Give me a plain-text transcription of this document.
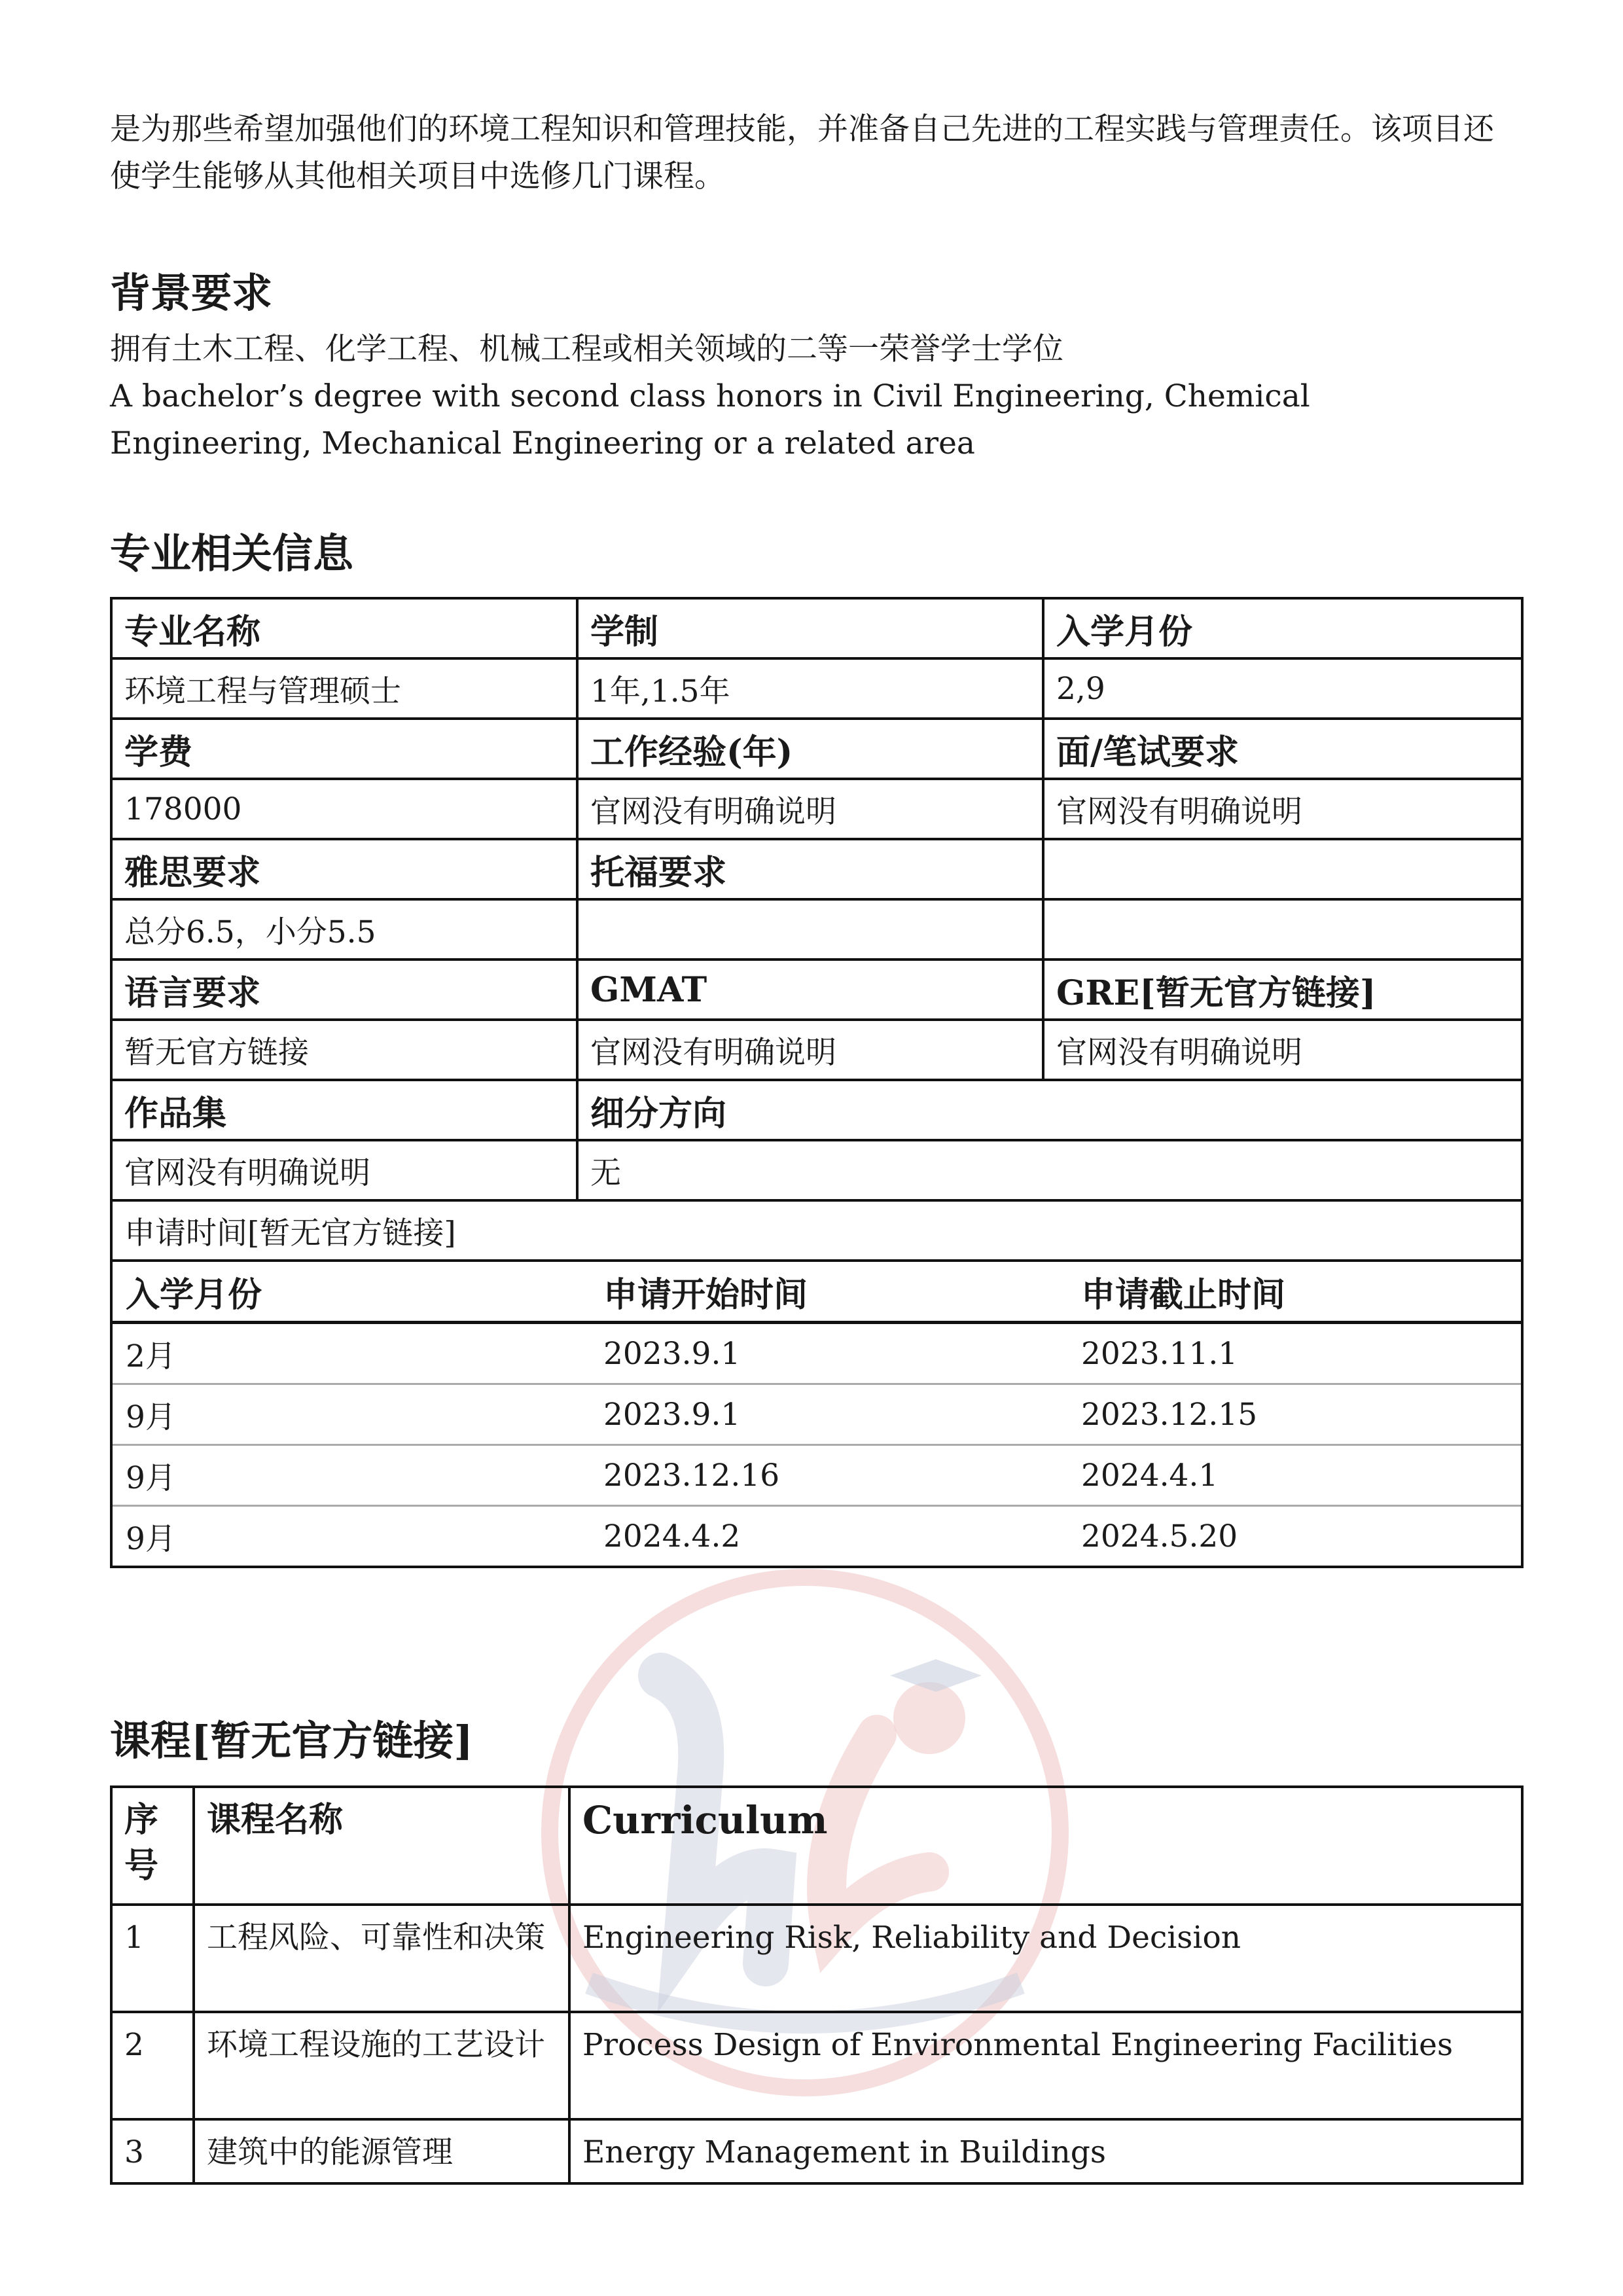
是为那些希望加强他们的环境工程知识和管理技能，并准备自己先进的工程实践与管理责任。该项目还使学生能够从其他相关项目中选修几门课程。

背景要求

拥有土木工程、化学工程、机械工程或相关领域的二等一荣誉学士学位

A bachelor’s degree with second class honors in Civil Engineering, Chemical Engineering, Mechanical Engineering or a related area

专业相关信息
专业名称	学制	入学月份
环境工程与管理硕士	1年,1.5年	2,9
学费	工作经验(年)	面/笔试要求
178000	官网没有明确说明	官网没有明确说明
雅思要求	托福要求	
总分6.5，小分5.5		
语言要求	GMAT	GRE[暂无官方链接]
暂无官方链接	官网没有明确说明	官网没有明确说明
作品集	细分方向
官网没有明确说明	无
申请时间[暂无官方链接]

入学月份	申请开始时间	申请截止时间
2月	2023.9.1	2023.11.1
9月	2023.9.1	2023.12.15
9月	2023.12.16	2024.4.1
9月	2024.4.2	2024.5.20
课程[暂无官方链接]
序号	课程名称	Curriculum
1	工程风险、可靠性和决策	Engineering Risk, Reliability and Decision
2	环境工程设施的工艺设计	Process Design of Environmental Engineering Facilities
3	建筑中的能源管理	Energy Management in Buildings
